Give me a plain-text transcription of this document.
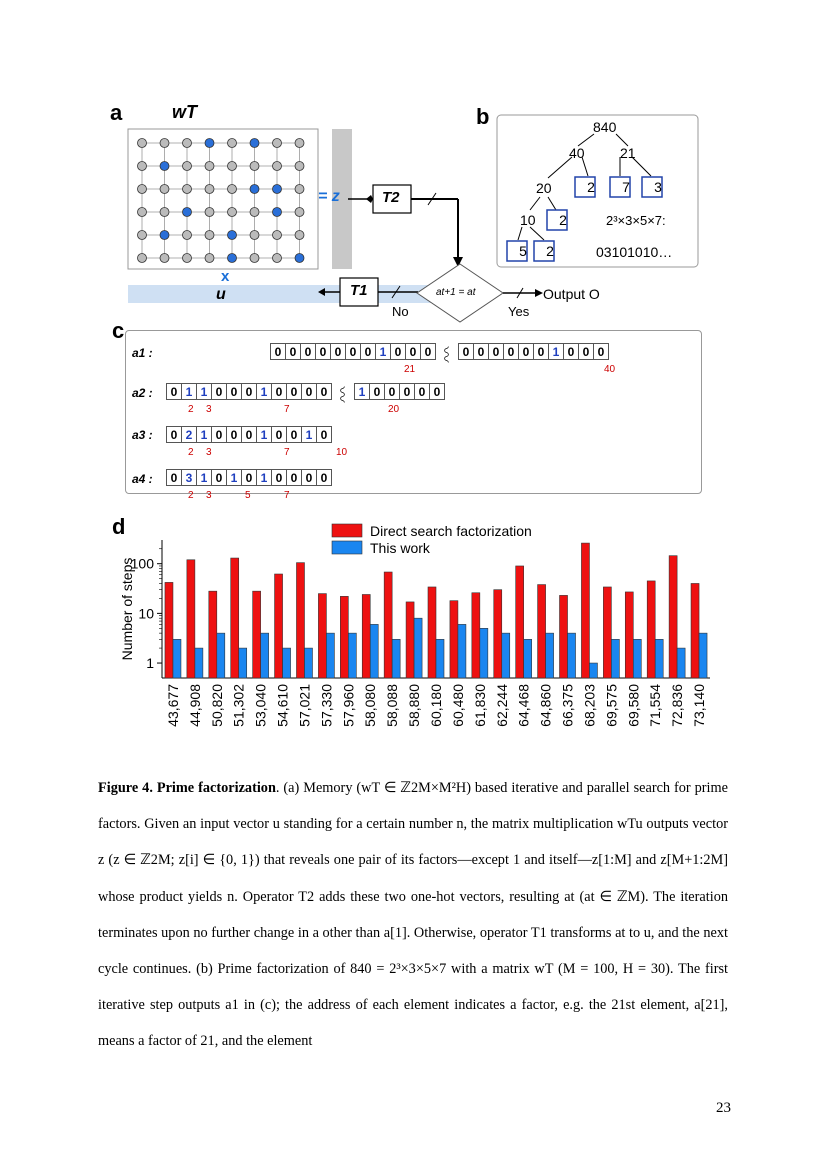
a	wT
= z	T2
T1
x
u	at+1 = at
No	Yes
Output O
b	840
40	21
20
10
2	7	3
2
5	2
2³×3×5×7:
03101010…
c
a1 :
a2 :
a3 :
a4 :
0 0 0 0 0 0 0 1 0 0 0 〰 0 0 0 0 0 0 1 0 0 0
0 1 1 0 0 0 1 0 0 0 0 〰 1 0 0 0 0 0
0 2 1 0 0 0 1 0 0 1 0
0 3 1 0 1 0 1 0 0 0 0
21	40
2 3	7	20
2 3	7	10
2 3	5	7
d
1
10
100
Number of steps
43,677 44,908 50,820 51,302 53,040 54,610 57,021 57,330 57,960 58,080 58,088 58,880 60,180 60,480 61,830 62,244 64,468 64,860 66,375 68,203 69,575 69,580 71,554 72,836 73,140
Direct search factorization
This work

Figure 4. Prime factorization. (a) Memory (wT ∈ ℤ2M×M²H) based iterative and parallel search for prime factors. Given an input vector u standing for a certain number n, the matrix multiplication wTu outputs vector z (z ∈ ℤ2M; z[i] ∈ {0, 1}) that reveals one pair of its factors—except 1 and itself—z[1:M] and z[M+1:2M] whose product yields n. Operator T2 adds these two one-hot vectors, resulting at (at ∈ ℤM). The iteration terminates upon no further change in a other than a[1]. Otherwise, operator T1 transforms at to u, and the next cycle continues. (b) Prime factorization of 840 = 2³×3×5×7 with a matrix wT (M = 100, H = 30). The first iterative step outputs a1 in (c); the address of each element indicates a factor, e.g. the 21st element, a[21], means a factor of 21, and the element

23
